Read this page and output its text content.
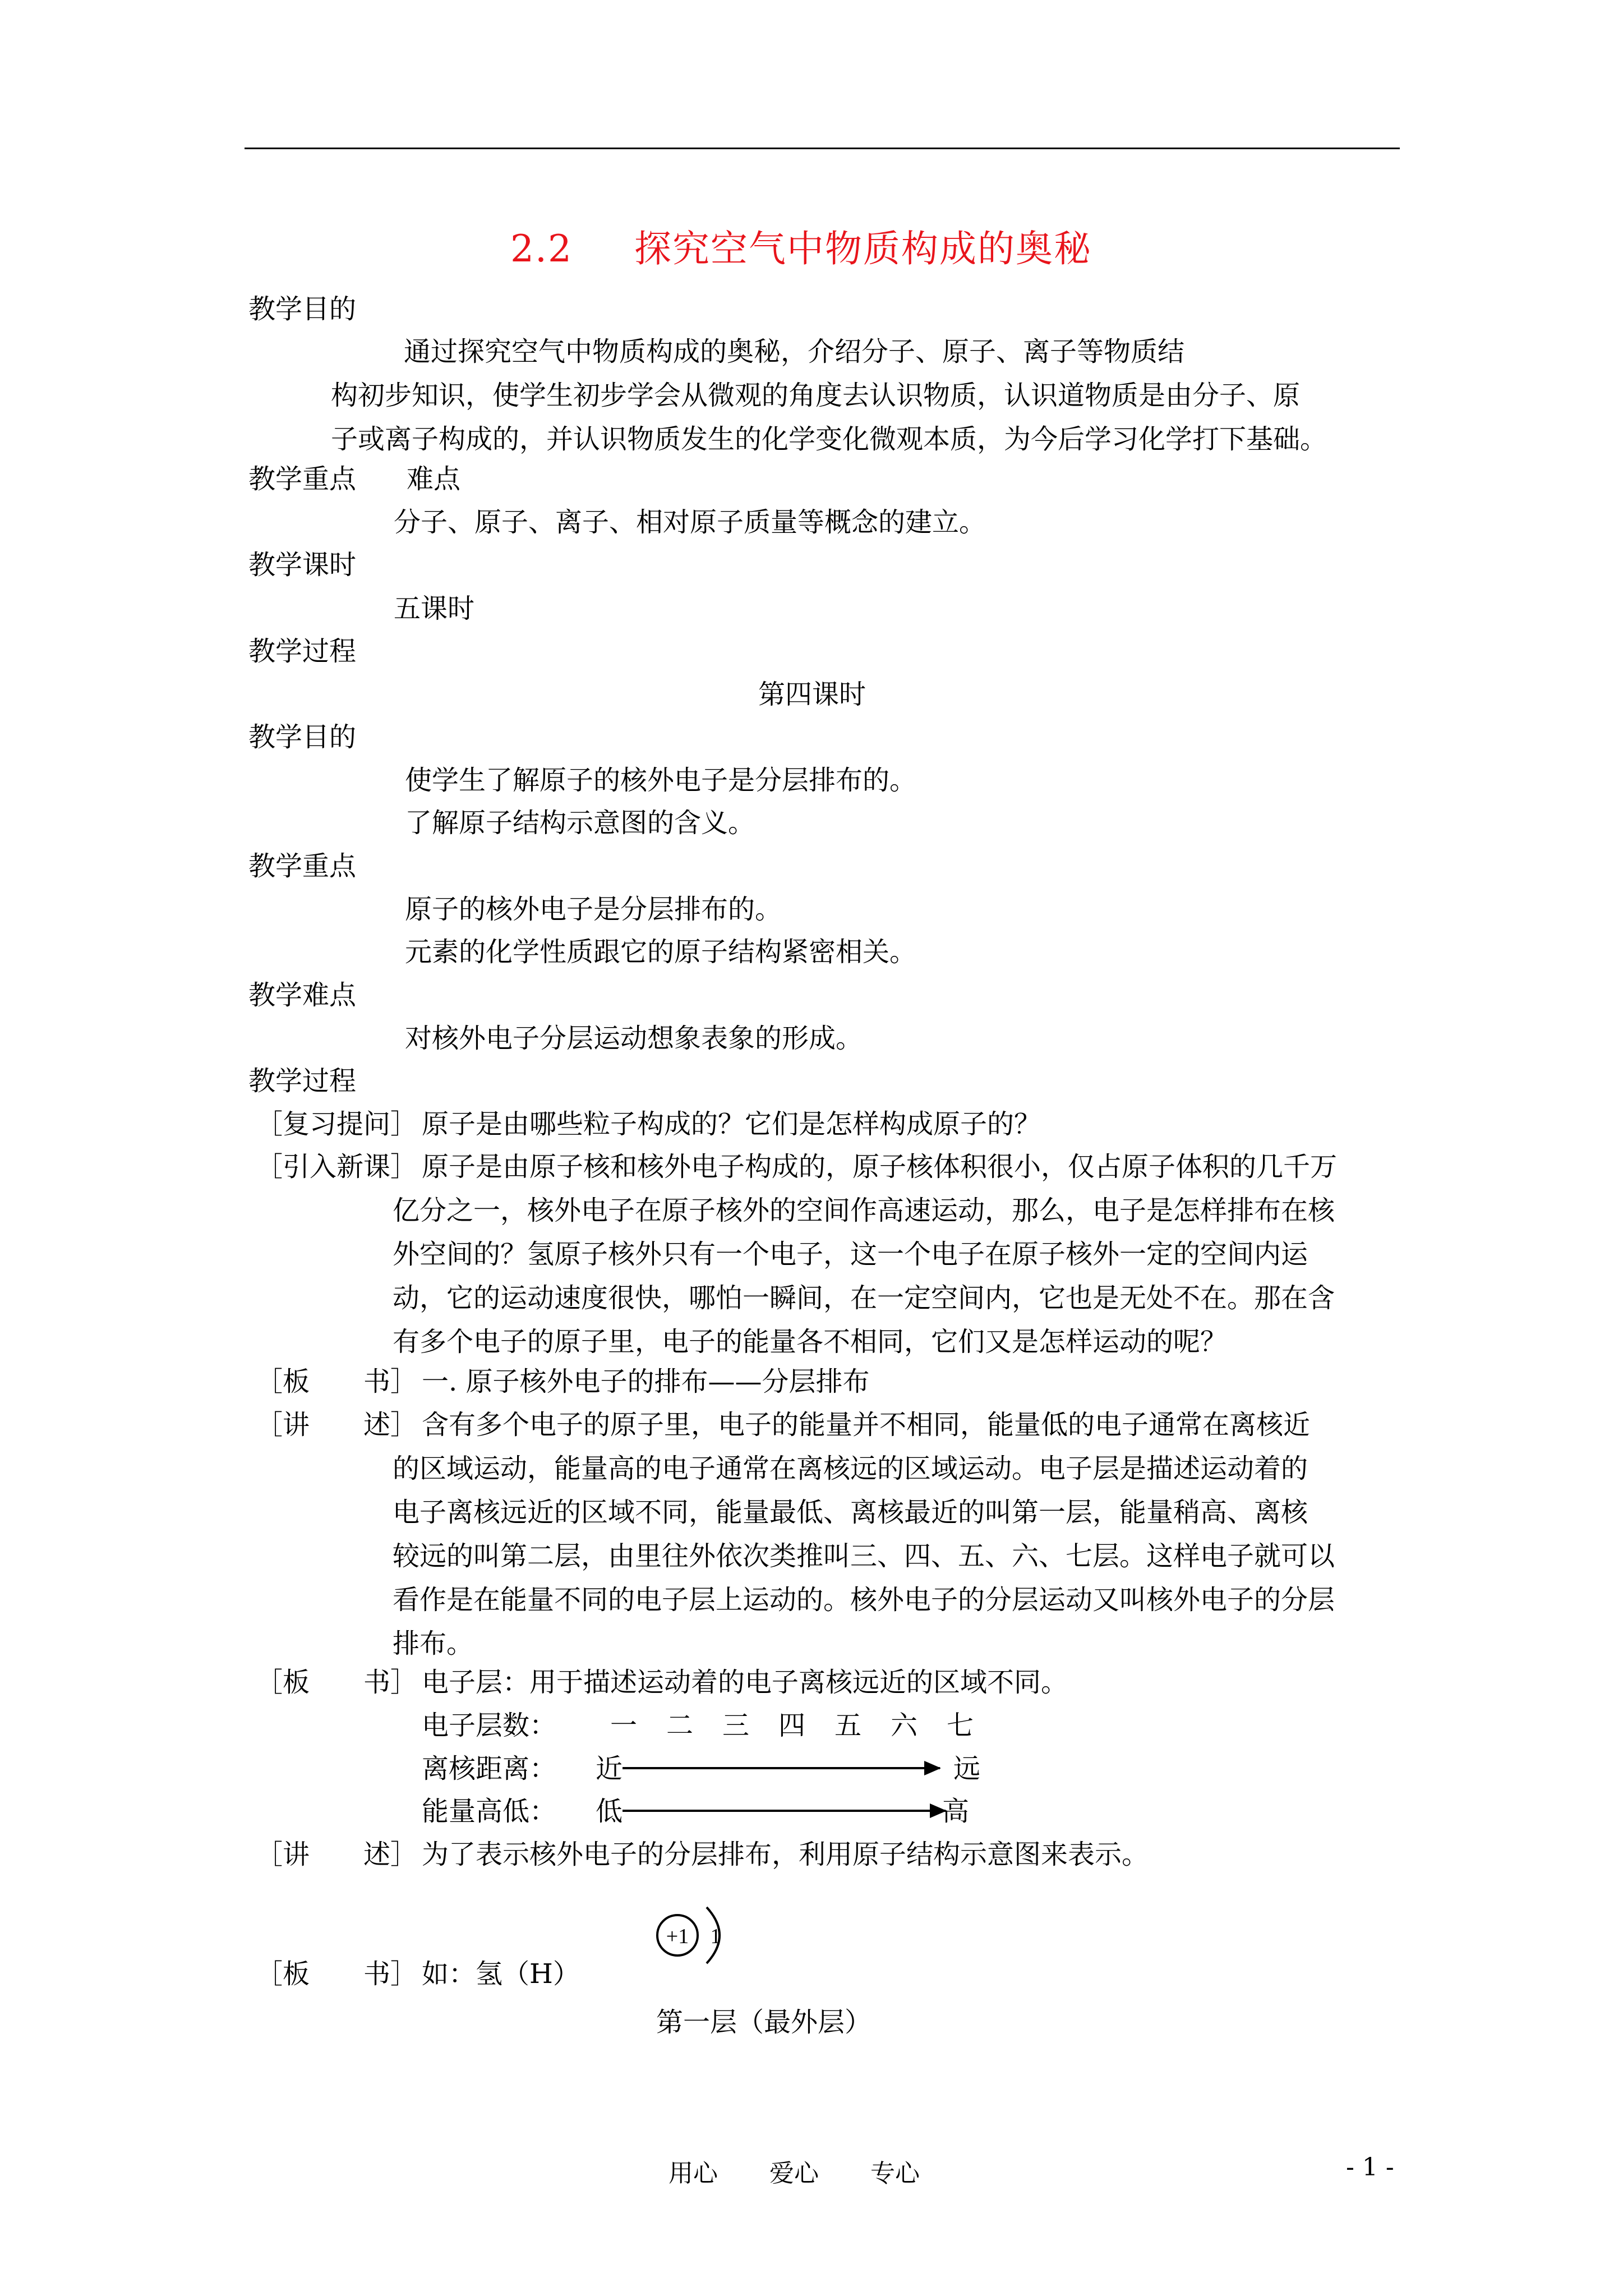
2.2 探究空气中物质构成的奥秘
教学目的
通过探究空气中物质构成的奥秘，介绍分子、原子、离子等物质结
构初步知识，使学生初步学会从微观的角度去认识物质，认识道物质是由分子、原
子或离子构成的，并认识物质发生的化学变化微观本质，为今后学习化学打下基础。
教学重点 难点
分子、原子、离子、相对原子质量等概念的建立。
教学课时
五课时
教学过程
第四课时
教学目的
使学生了解原子的核外电子是分层排布的。
了解原子结构示意图的含义。
教学重点
原子的核外电子是分层排布的。
元素的化学性质跟它的原子结构紧密相关。
教学难点
对核外电子分层运动想象表象的形成。
教学过程
［复习提问］ 原子是由哪些粒子构成的？它们是怎样构成原子的？
［引入新课］ 原子是由原子核和核外电子构成的，原子核体积很小，仅占原子体积的几千万
亿分之一，核外电子在原子核外的空间作高速运动，那么，电子是怎样排布在核
外空间的？氢原子核外只有一个电子，这一个电子在原子核外一定的空间内运
动，它的运动速度很快，哪怕一瞬间，在一定空间内，它也是无处不在。那在含
有多个电子的原子里，电子的能量各不相同，它们又是怎样运动的呢？
［板　　书］ 一. 原子核外电子的排布——分层排布
［讲　　述］ 含有多个电子的原子里，电子的能量并不相同，能量低的电子通常在离核近
的区域运动，能量高的电子通常在离核远的区域运动。电子层是描述运动着的
电子离核远近的区域不同，能量最低、离核最近的叫第一层，能量稍高、离核
较远的叫第二层，由里往外依次类推叫三、四、五、六、七层。这样电子就可以
看作是在能量不同的电子层上运动的。核外电子的分层运动又叫核外电子的分层
排布。
［板　　书］ 电子层：用于描述运动着的电子离核远近的区域不同。
电子层数： 一 二 三 四 五 六 七
离核距离： 近	远
能量高低： 低	高
［讲　　述］ 为了表示核外电子的分层排布，利用原子结构示意图来表示。
+1 1
［板　　书］ 如：氢（H）
第一层（最外层）
用心 爱心 专心	- 1 -
